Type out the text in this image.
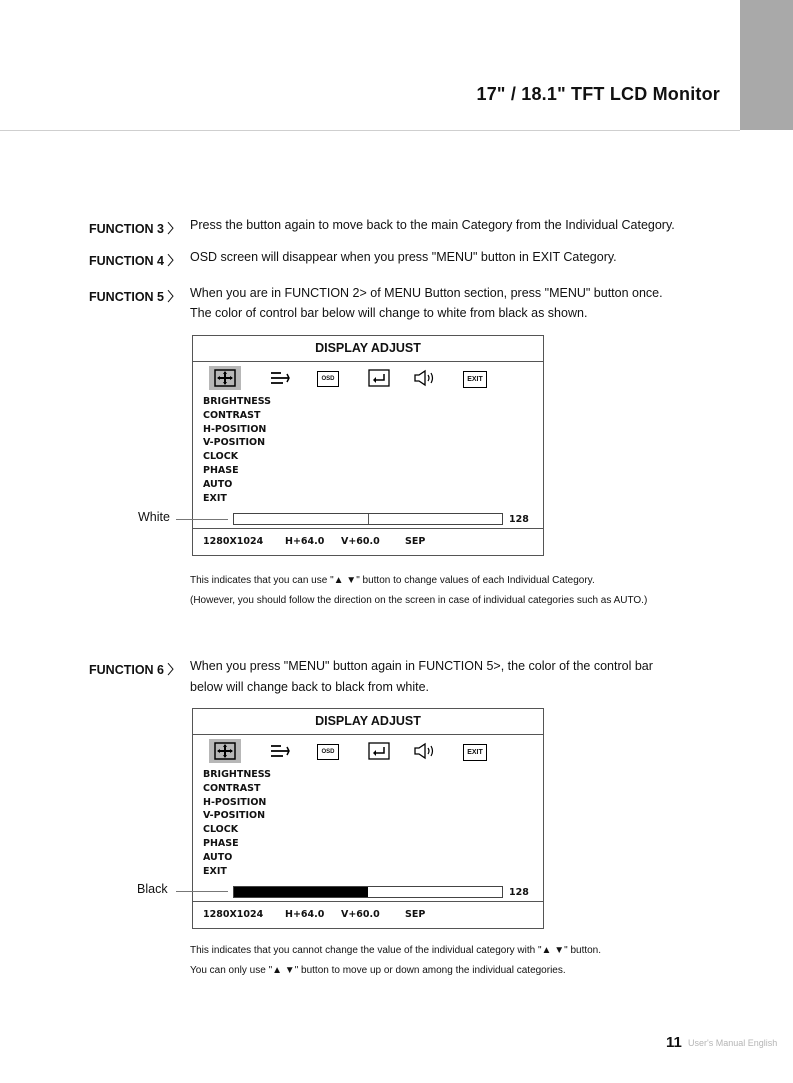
17" / 18.1" TFT LCD Monitor
FUNCTION 3 〉 Press the button again to move back to the main Category from the Individual Category.
FUNCTION 4 〉 OSD screen will disappear when you press "MENU" button in EXIT Category.
FUNCTION 5 〉 When you are in FUNCTION 2> of MENU Button section, press "MENU" button once.
The color of control bar below will change to white from black as shown.
DISPLAY ADJUST
OSD	EXIT
BRIGHTNESS
CONTRAST
H-POSITION
V-POSITION
CLOCK
PHASE
AUTO
EXIT
128
1280X1024 H+64.0 V+60.0	SEP
White
This indicates that you can use "▲ ▼" button to change values of each Individual Category.
(However, you should follow the direction on the screen in case of individual categories such as AUTO.)
FUNCTION 6 〉 When you press "MENU" button again in FUNCTION 5>, the color of the control bar
below will change back to black from white.
DISPLAY ADJUST
OSD	EXIT
BRIGHTNESS
CONTRAST
H-POSITION
V-POSITION
CLOCK
PHASE
AUTO
EXIT
128
1280X1024 H+64.0 V+60.0	SEP
Black
This indicates that you cannot change the value of the individual category with "▲ ▼" button.
You can only use "▲ ▼" button to move up or down among the individual categories.
11 User's Manual English
